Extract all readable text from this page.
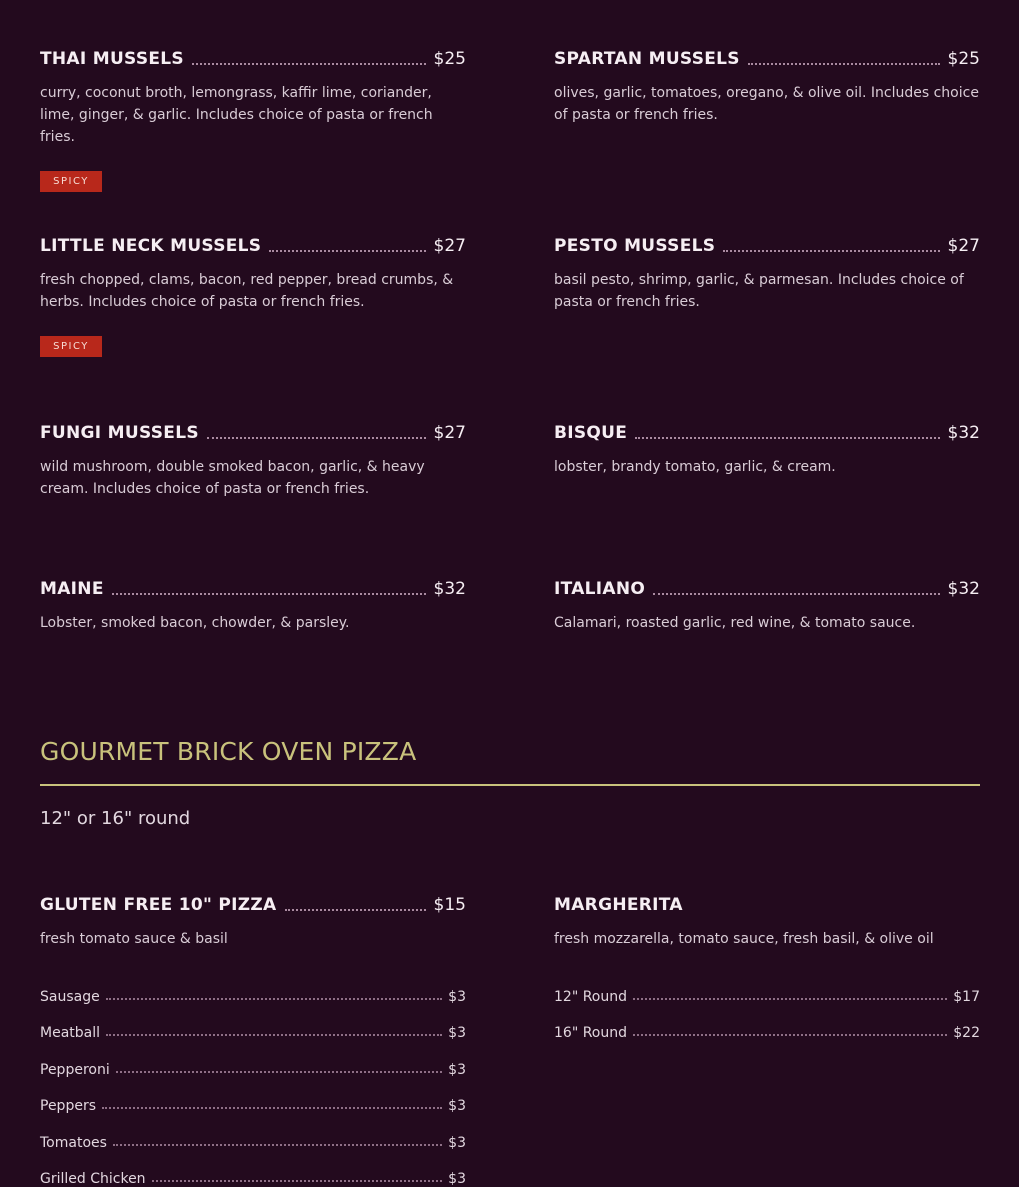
THAI MUSSELS	$25
curry, coconut broth, lemongrass, kaffir lime, coriander, lime, ginger, & garlic. Includes choice of pasta or french fries.
SPICY
SPARTAN MUSSELS	$25
olives, garlic, tomatoes, oregano, & olive oil. Includes choice of pasta or french fries.
LITTLE NECK MUSSELS	$27
fresh chopped, clams, bacon, red pepper, bread crumbs, & herbs. Includes choice of pasta or french fries.
SPICY
PESTO MUSSELS	$27
basil pesto, shrimp, garlic, & parmesan. Includes choice of pasta or french fries.
FUNGI MUSSELS	$27
wild mushroom, double smoked bacon, garlic, & heavy cream. Includes choice of pasta or french fries.
BISQUE	$32
lobster, brandy tomato, garlic, & cream.
MAINE	$32
Lobster, smoked bacon, chowder, & parsley.
ITALIANO	$32
Calamari, roasted garlic, red wine, & tomato sauce.
GOURMET BRICK OVEN PIZZA
12" or 16" round
GLUTEN FREE 10" PIZZA	$15
fresh tomato sauce & basil
Sausage	$3
Meatball	$3
Pepperoni	$3
Peppers	$3
Tomatoes	$3
Grilled Chicken	$3
MARGHERITA
fresh mozzarella, tomato sauce, fresh basil, & olive oil
12" Round	$17
16" Round	$22
